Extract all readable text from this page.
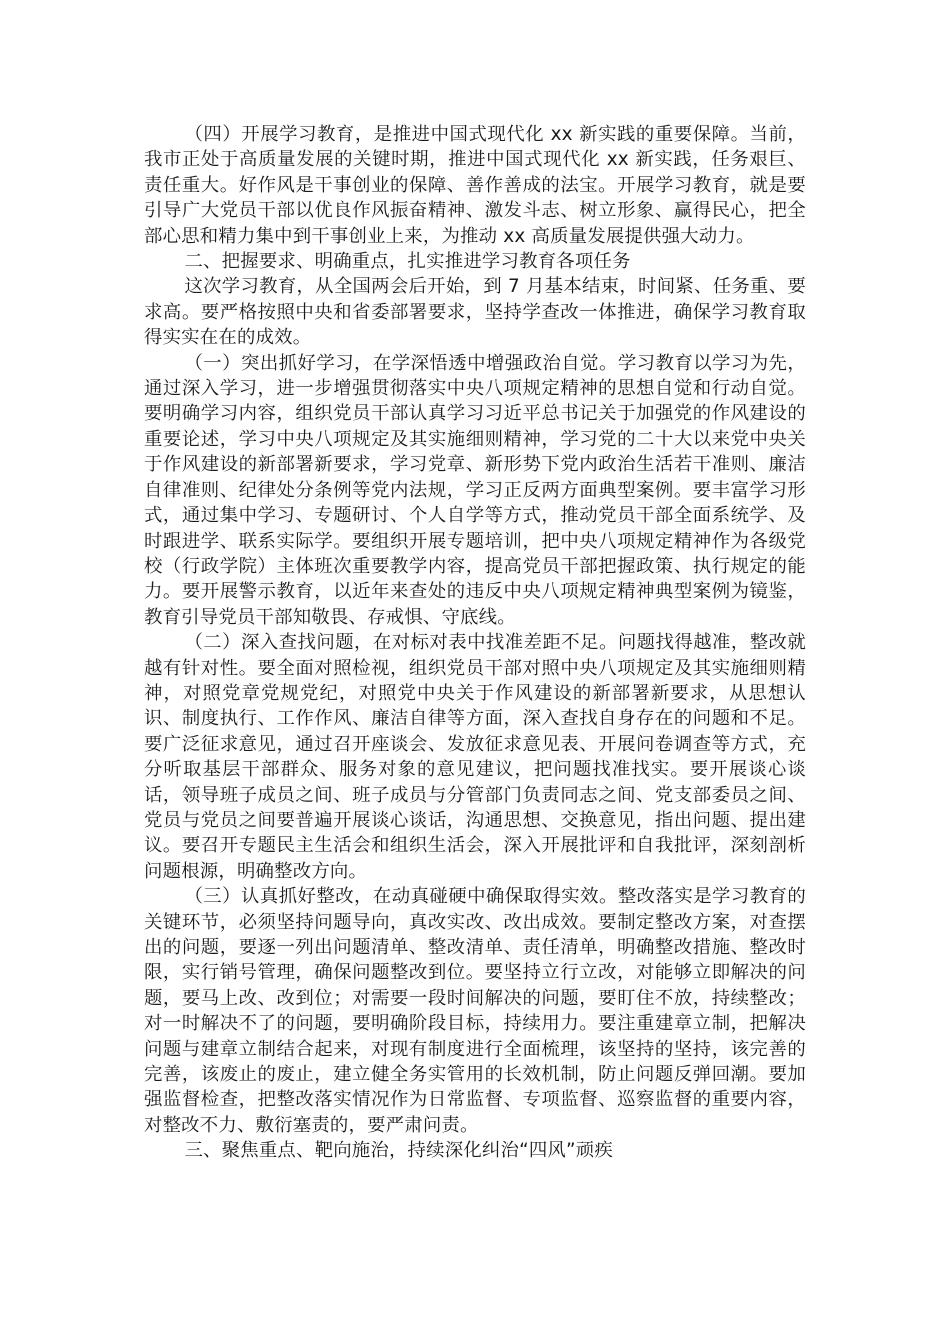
（四）开展学习教育，是推进中国式现代化 xx 新实践的重要保障。当前，我市正处于高质量发展的关键时期，推进中国式现代化 xx 新实践，任务艰巨、责任重大。好作风是干事创业的保障、善作善成的法宝。开展学习教育，就是要引导广大党员干部以优良作风振奋精神、激发斗志、树立形象、赢得民心，把全部心思和精力集中到干事创业上来，为推动 xx 高质量发展提供强大动力。

二、把握要求、明确重点，扎实推进学习教育各项任务

这次学习教育，从全国两会后开始，到 7 月基本结束，时间紧、任务重、要求高。要严格按照中央和省委部署要求，坚持学查改一体推进，确保学习教育取得实实在在的成效。

（一）突出抓好学习，在学深悟透中增强政治自觉。学习教育以学习为先，通过深入学习，进一步增强贯彻落实中央八项规定精神的思想自觉和行动自觉。要明确学习内容，组织党员干部认真学习习近平总书记关于加强党的作风建设的重要论述，学习中央八项规定及其实施细则精神，学习党的二十大以来党中央关于作风建设的新部署新要求，学习党章、新形势下党内政治生活若干准则、廉洁自律准则、纪律处分条例等党内法规，学习正反两方面典型案例。要丰富学习形式，通过集中学习、专题研讨、个人自学等方式，推动党员干部全面系统学、及时跟进学、联系实际学。要组织开展专题培训，把中央八项规定精神作为各级党校（行政学院）主体班次重要教学内容，提高党员干部把握政策、执行规定的能力。要开展警示教育，以近年来查处的违反中央八项规定精神典型案例为镜鉴，教育引导党员干部知敬畏、存戒惧、守底线。

（二）深入查找问题，在对标对表中找准差距不足。问题找得越准，整改就越有针对性。要全面对照检视，组织党员干部对照中央八项规定及其实施细则精神，对照党章党规党纪，对照党中央关于作风建设的新部署新要求，从思想认识、制度执行、工作作风、廉洁自律等方面，深入查找自身存在的问题和不足。要广泛征求意见，通过召开座谈会、发放征求意见表、开展问卷调查等方式，充分听取基层干部群众、服务对象的意见建议，把问题找准找实。要开展谈心谈话，领导班子成员之间、班子成员与分管部门负责同志之间、党支部委员之间、党员与党员之间要普遍开展谈心谈话，沟通思想、交换意见，指出问题、提出建议。要召开专题民主生活会和组织生活会，深入开展批评和自我批评，深刻剖析问题根源，明确整改方向。

（三）认真抓好整改，在动真碰硬中确保取得实效。整改落实是学习教育的关键环节，必须坚持问题导向，真改实改、改出成效。要制定整改方案，对查摆出的问题，要逐一列出问题清单、整改清单、责任清单，明确整改措施、整改时限，实行销号管理，确保问题整改到位。要坚持立行立改，对能够立即解决的问题，要马上改、改到位；对需要一段时间解决的问题，要盯住不放，持续整改；对一时解决不了的问题，要明确阶段目标，持续用力。要注重建章立制，把解决问题与建章立制结合起来，对现有制度进行全面梳理，该坚持的坚持，该完善的完善，该废止的废止，建立健全务实管用的长效机制，防止问题反弹回潮。要加强监督检查，把整改落实情况作为日常监督、专项监督、巡察监督的重要内容，对整改不力、敷衍塞责的，要严肃问责。

三、聚焦重点、靶向施治，持续深化纠治“四风”顽疾
